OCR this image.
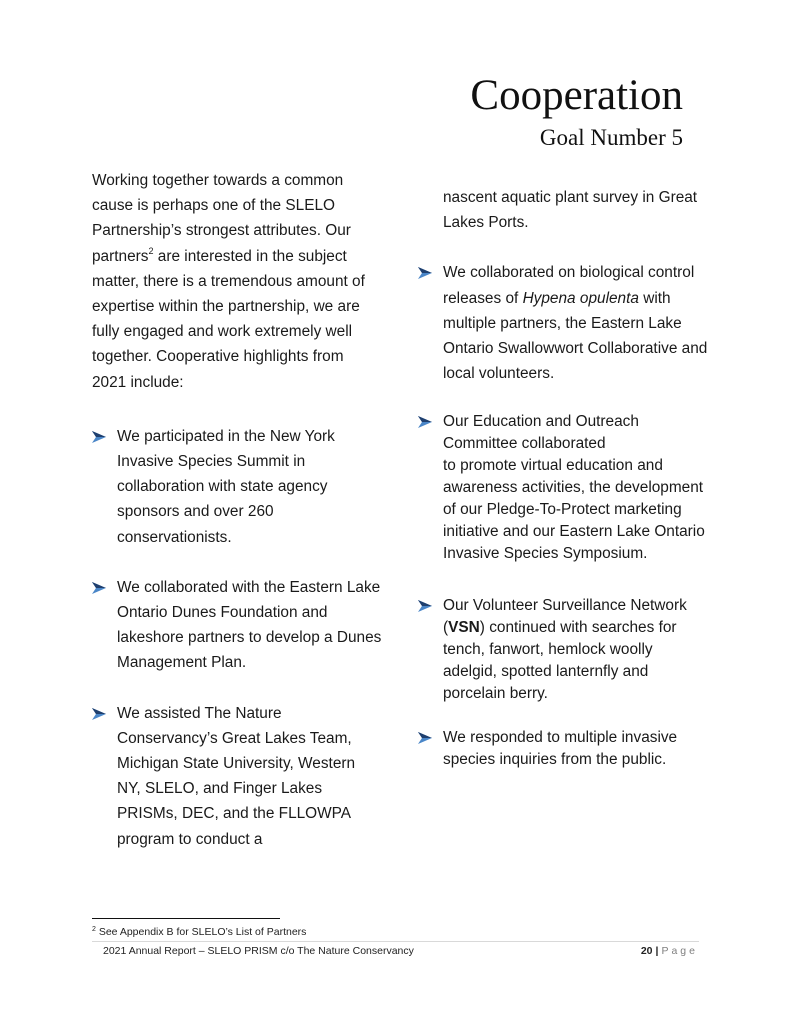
Cooperation
Goal Number 5

Working together towards a common cause is perhaps one of the SLELO Partnership’s strongest attributes. Our partners$^2$ are interested in the subject matter, there is a tremendous amount of expertise within the partnership, we are fully engaged and work extremely well together. Cooperative highlights from 2021 include:

We participated in the New York Invasive Species Summit in collaboration with state agency sponsors and over 260 conservationists.
We collaborated with the Eastern Lake Ontario Dunes Foundation and lakeshore partners to develop a Dunes Management Plan.
We assisted The Nature Conservancy’s Great Lakes Team, Michigan State University, Western NY, SLELO, and Finger Lakes PRISMs, DEC, and the FLLOWPA program to conduct a

nascent aquatic plant survey in Great Lakes Ports.

We collaborated on biological control releases of Hypena opulenta with multiple partners, the Eastern Lake Ontario Swallowwort Collaborative and local volunteers.
Our Education and Outreach Committee collaborated
to promote virtual education and awareness activities, the development of our Pledge-To-Protect marketing initiative and our Eastern Lake Ontario Invasive Species Symposium.
Our Volunteer Surveillance Network (VSN) continued with searches for tench, fanwort, hemlock woolly adelgid, spotted lanternfly and porcelain berry.
We responded to multiple invasive species inquiries from the public.
$^2$ See Appendix B for SLELO’s List of Partners
2021 Annual Report – SLELO PRISM c/o The Nature Conservancy	20 | Page
